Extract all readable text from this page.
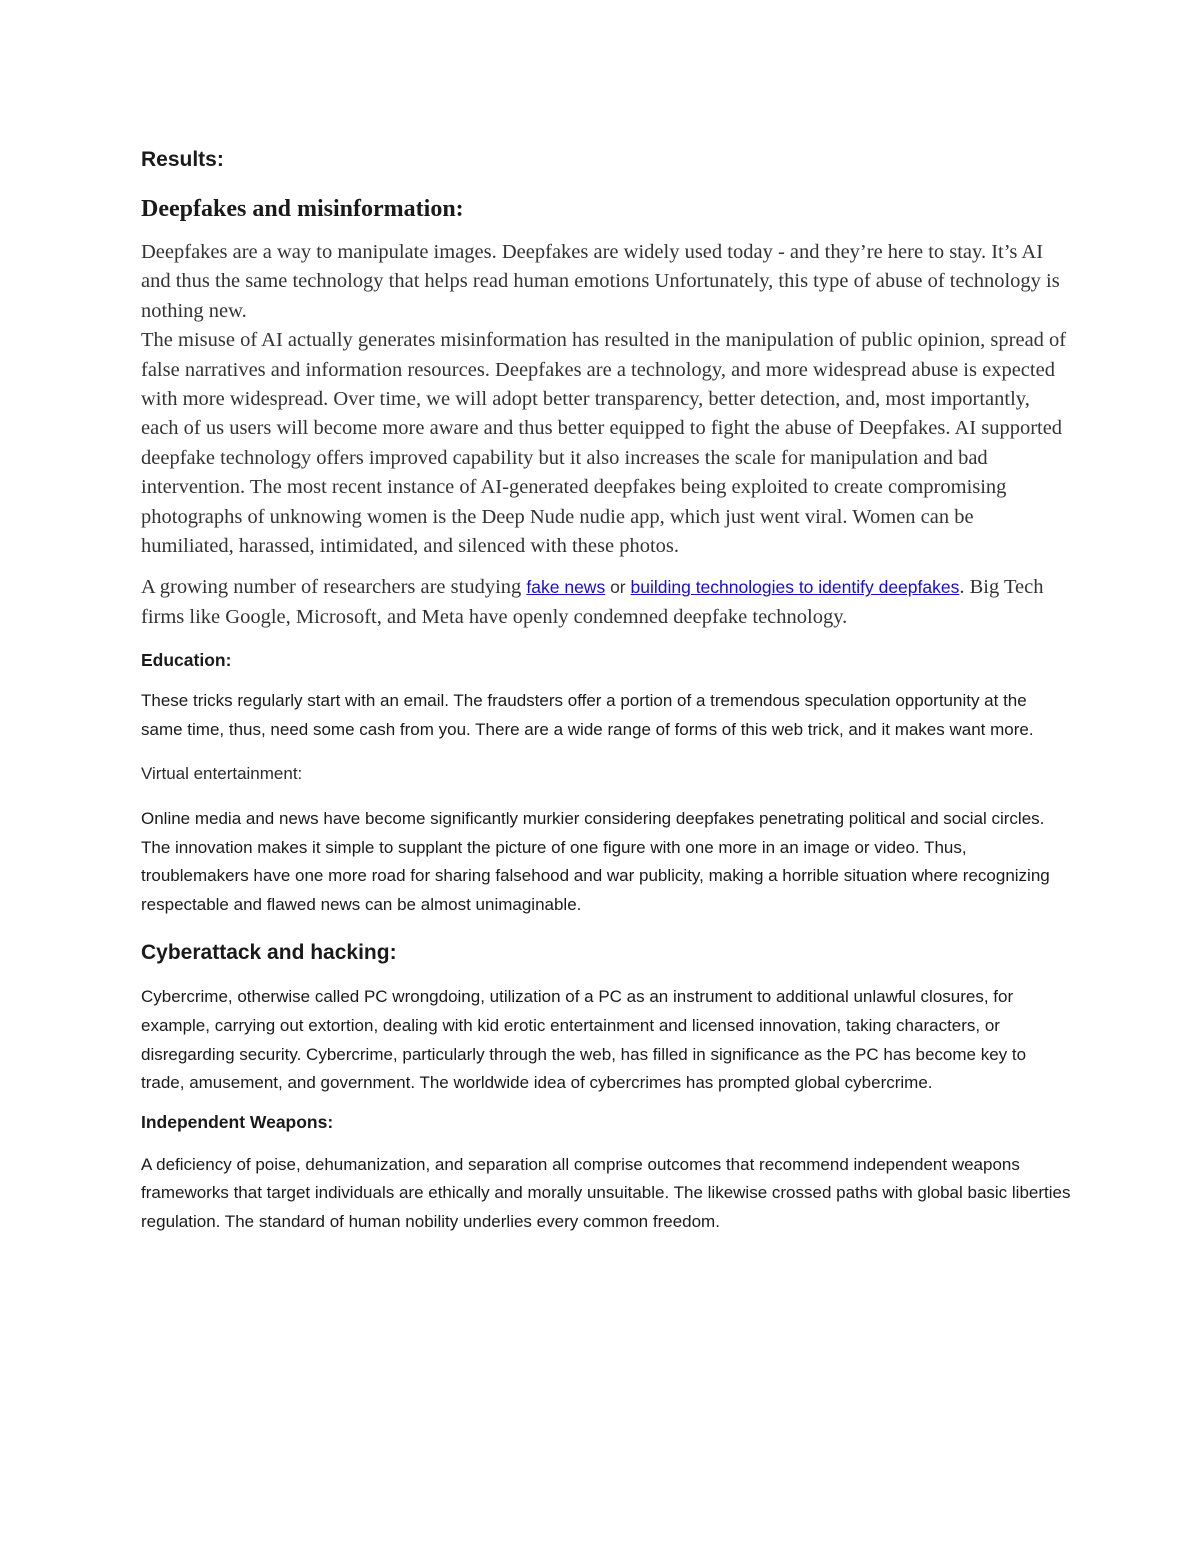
Results:
Deepfakes and misinformation:

Deepfakes are a way to manipulate images. Deepfakes are widely used today - and they’re here to stay. It’s AI and thus the same technology that helps read human emotions Unfortunately, this type of abuse of technology is nothing new.

The misuse of AI actually generates misinformation has resulted in the manipulation of public opinion, spread of false narratives and information resources. Deepfakes are a technology, and more widespread abuse is expected with more widespread. Over time, we will adopt better transparency, better detection, and, most importantly, each of us users will become more aware and thus better equipped to fight the abuse of Deepfakes. AI supported deepfake technology offers improved capability but it also increases the scale for manipulation and bad intervention. The most recent instance of AI-generated deepfakes being exploited to create compromising photographs of unknowing women is the Deep Nude nudie app, which just went viral. Women can be humiliated, harassed, intimidated, and silenced with these photos.

A growing number of researchers are studying fake news or building technologies to identify deepfakes. Big Tech firms like Google, Microsoft, and Meta have openly condemned deepfake technology.

Education:

These tricks regularly start with an email. The fraudsters offer a portion of a tremendous speculation opportunity at the same time, thus, need some cash from you. There are a wide range of forms of this web trick, and it makes want more.

Virtual entertainment:

Online media and news have become significantly murkier considering deepfakes penetrating political and social circles. The innovation makes it simple to supplant the picture of one figure with one more in an image or video. Thus, troublemakers have one more road for sharing falsehood and war publicity, making a horrible situation where recognizing respectable and flawed news can be almost unimaginable.

Cyberattack and hacking:

Cybercrime, otherwise called PC wrongdoing, utilization of a PC as an instrument to additional unlawful closures, for example, carrying out extortion, dealing with kid erotic entertainment and licensed innovation, taking characters, or disregarding security. Cybercrime, particularly through the web, has filled in significance as the PC has become key to trade, amusement, and government. The worldwide idea of cybercrimes has prompted global cybercrime.

Independent Weapons:

A deficiency of poise, dehumanization, and separation all comprise outcomes that recommend independent weapons frameworks that target individuals are ethically and morally unsuitable. The likewise crossed paths with global basic liberties regulation. The standard of human nobility underlies every common freedom.
